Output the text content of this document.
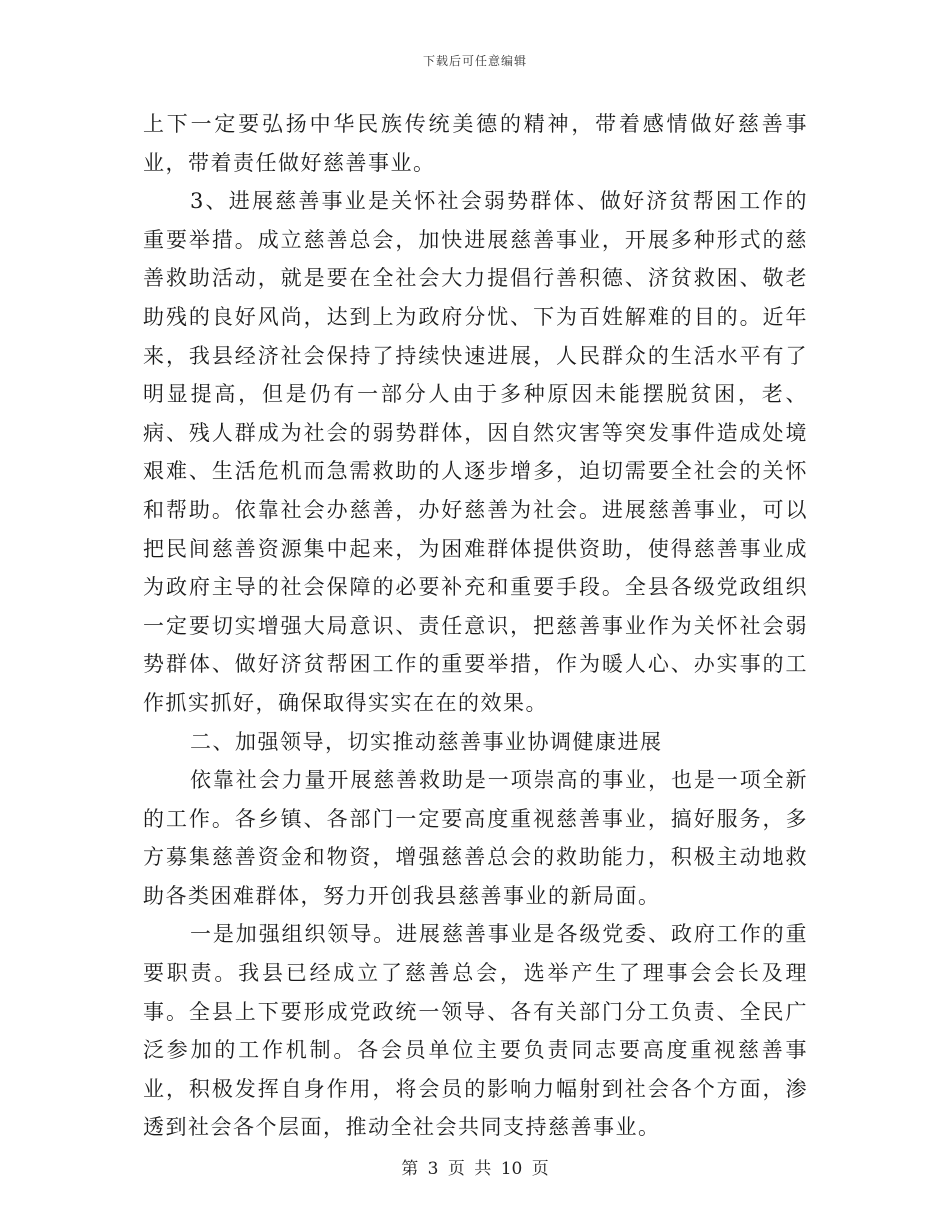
下载后可任意编辑

上下一定要弘扬中华民族传统美德的精神，带着感情做好慈善事业，带着责任做好慈善事业。

3、进展慈善事业是关怀社会弱势群体、做好济贫帮困工作的重要举措。成立慈善总会，加快进展慈善事业，开展多种形式的慈善救助活动，就是要在全社会大力提倡行善积德、济贫救困、敬老助残的良好风尚，达到上为政府分忧、下为百姓解难的目的。近年来，我县经济社会保持了持续快速进展，人民群众的生活水平有了明显提高，但是仍有一部分人由于多种原因未能摆脱贫困，老、病、残人群成为社会的弱势群体，因自然灾害等突发事件造成处境艰难、生活危机而急需救助的人逐步增多，迫切需要全社会的关怀和帮助。依靠社会办慈善，办好慈善为社会。进展慈善事业，可以把民间慈善资源集中起来，为困难群体提供资助，使得慈善事业成为政府主导的社会保障的必要补充和重要手段。全县各级党政组织一定要切实增强大局意识、责任意识，把慈善事业作为关怀社会弱势群体、做好济贫帮困工作的重要举措，作为暖人心、办实事的工作抓实抓好，确保取得实实在在的效果。

二、加强领导，切实推动慈善事业协调健康进展

依靠社会力量开展慈善救助是一项崇高的事业，也是一项全新的工作。各乡镇、各部门一定要高度重视慈善事业，搞好服务，多方募集慈善资金和物资，增强慈善总会的救助能力，积极主动地救助各类困难群体，努力开创我县慈善事业的新局面。

一是加强组织领导。进展慈善事业是各级党委、政府工作的重要职责。我县已经成立了慈善总会，选举产生了理事会会长及理事。全县上下要形成党政统一领导、各有关部门分工负责、全民广泛参加的工作机制。各会员单位主要负责同志要高度重视慈善事业，积极发挥自身作用，将会员的影响力幅射到社会各个方面，渗透到社会各个层面，推动全社会共同支持慈善事业。

第 3 页 共 10 页
